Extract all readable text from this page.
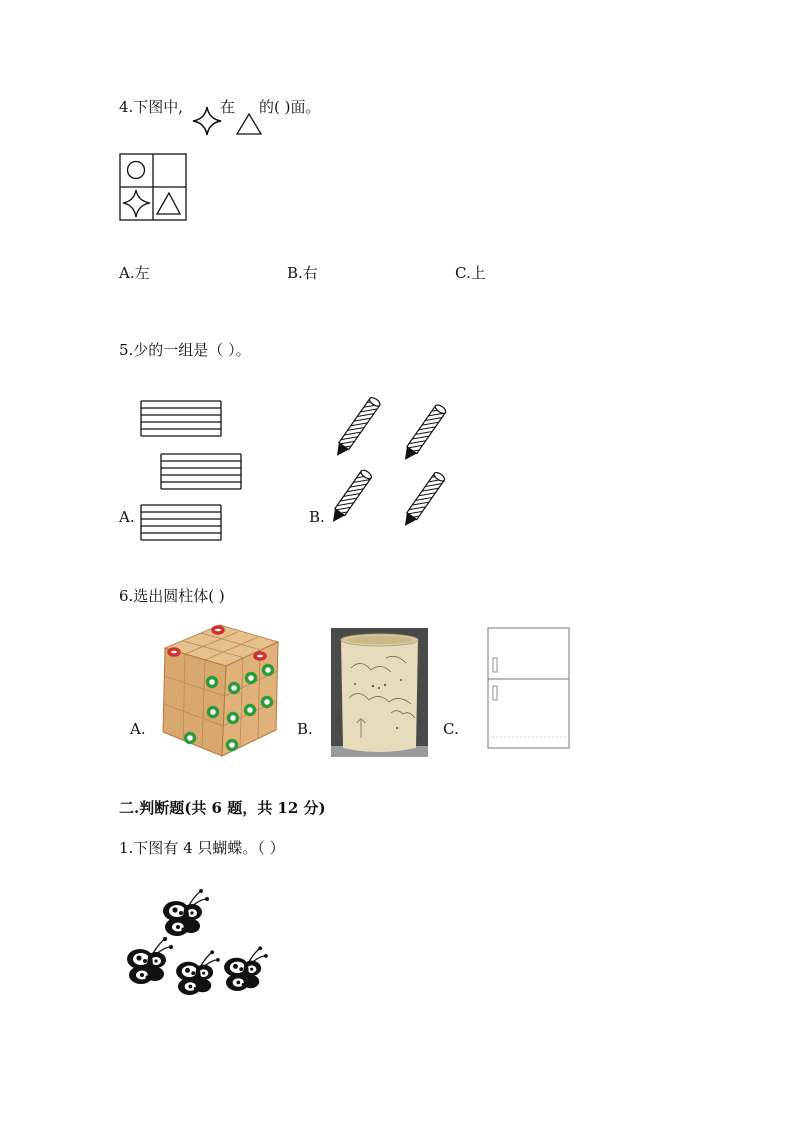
4.下图中, 在 的( )面。
A.左	B.右	C.上
5.少的一组是（ ）。
A.	B.
6.选出圆柱体( )
A.	B.	C.
二.判断题(共 6 题，共 12 分)
1.下图有 4 只蝴蝶。（ ）
